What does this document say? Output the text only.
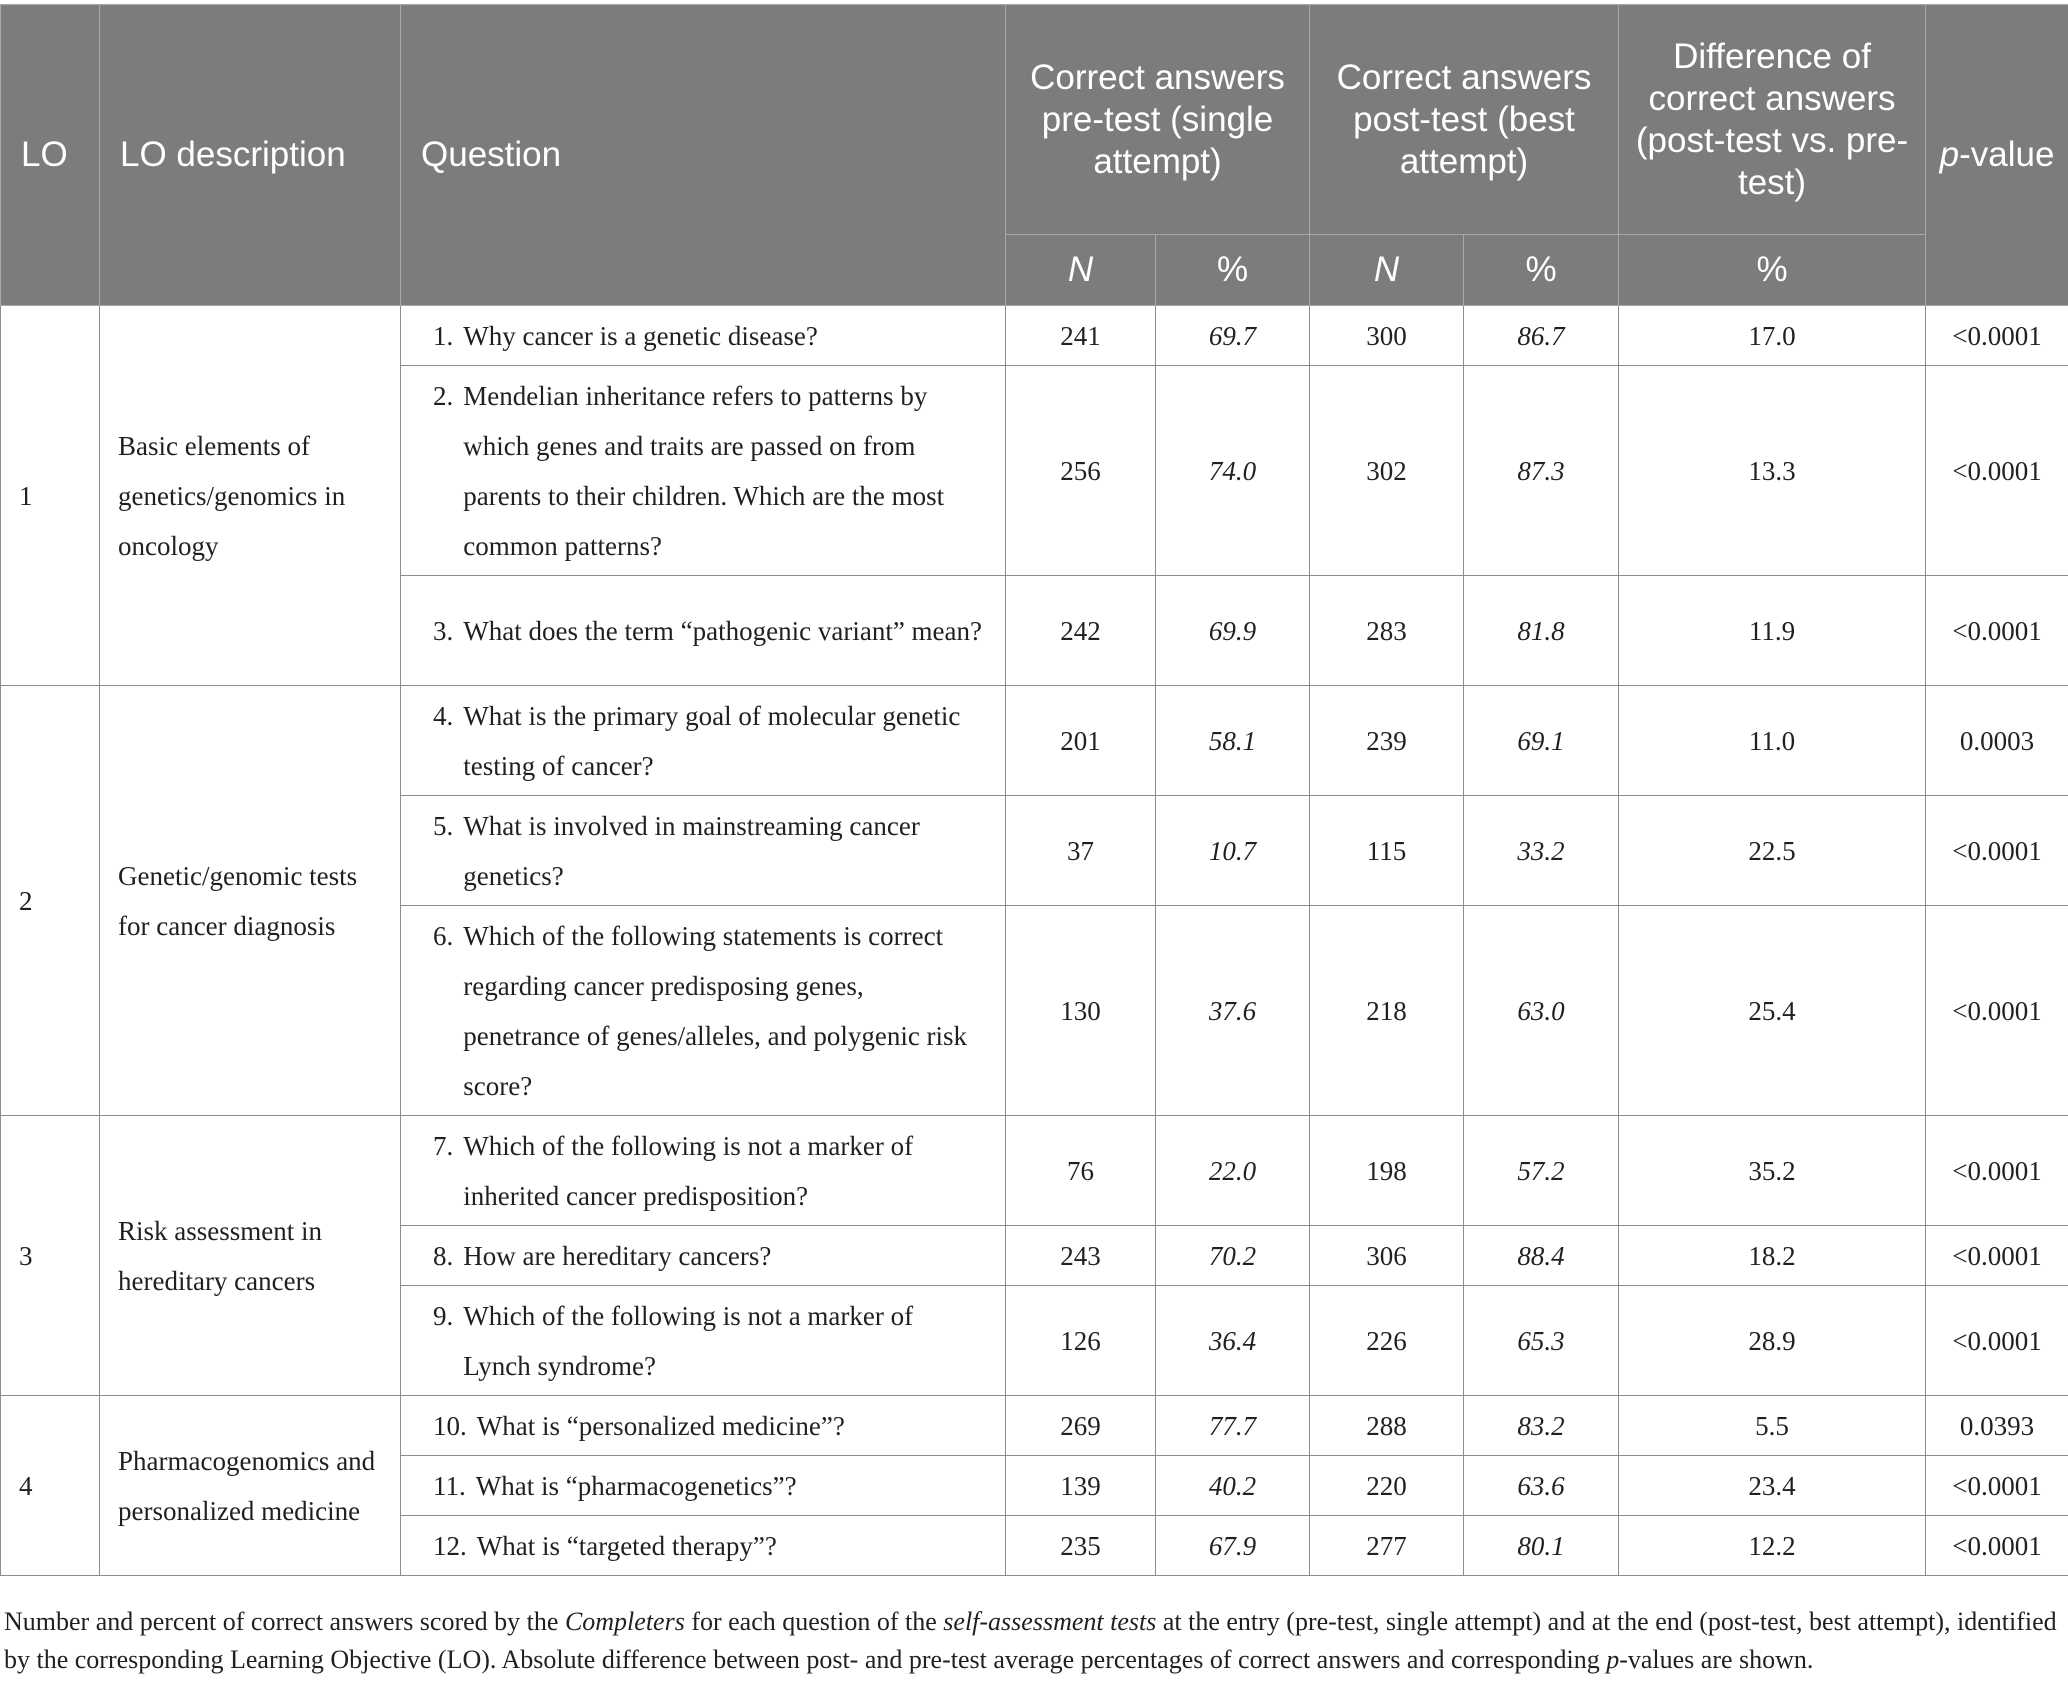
LO	LO description	Question	Correct answers pre-test (single attempt)		Correct answers post-test (best attempt)		Difference of correct answers (post-test vs. pre-test)	p-value
			N	%	N	%	%	
1	Basic elements of genetics/genomics in oncology	1. Why cancer is a genetic disease?	241	69.7	300	86.7	17.0	<0.0001

		2. Mendelian inheritance refers to patterns by which genes and traits are passed on from parents to their children. Which are the most common patterns?	256	74.0	302	87.3	13.3	<0.0001

		3. What does the term “pathogenic variant” mean?	242	69.9	283	81.8	11.9	<0.0001
2	Genetic/genomic tests for cancer diagnosis	4. What is the primary goal of molecular genetic testing of cancer?	201	58.1	239	69.1	11.0	0.0003

		5. What is involved in mainstreaming cancer genetics?	37	10.7	115	33.2	22.5	<0.0001

		6. Which of the following statements is correct regarding cancer predisposing genes, penetrance of genes/alleles, and polygenic risk score?	130	37.6	218	63.0	25.4	<0.0001
3	Risk assessment in hereditary cancers	7. Which of the following is not a marker of inherited cancer predisposition?	76	22.0	198	57.2	35.2	<0.0001

		8. How are hereditary cancers?	243	70.2	306	88.4	18.2	<0.0001

		9. Which of the following is not a marker of Lynch syndrome?	126	36.4	226	65.3	28.9	<0.0001
4	Pharmacogenomics and personalized medicine	10. What is “personalized medicine”?	269	77.7	288	83.2	5.5	0.0393

		11. What is “pharmacogenetics”?	139	40.2	220	63.6	23.4	<0.0001

		12. What is “targeted therapy”?	235	67.9	277	80.1	12.2	<0.0001
Number and percent of correct answers scored by the Completers for each question of the self-assessment tests at the entry (pre-test, single attempt) and at the end (post-test, best attempt), identified by the corresponding Learning Objective (LO). Absolute difference between post- and pre-test average percentages of correct answers and corresponding p-values are shown.
